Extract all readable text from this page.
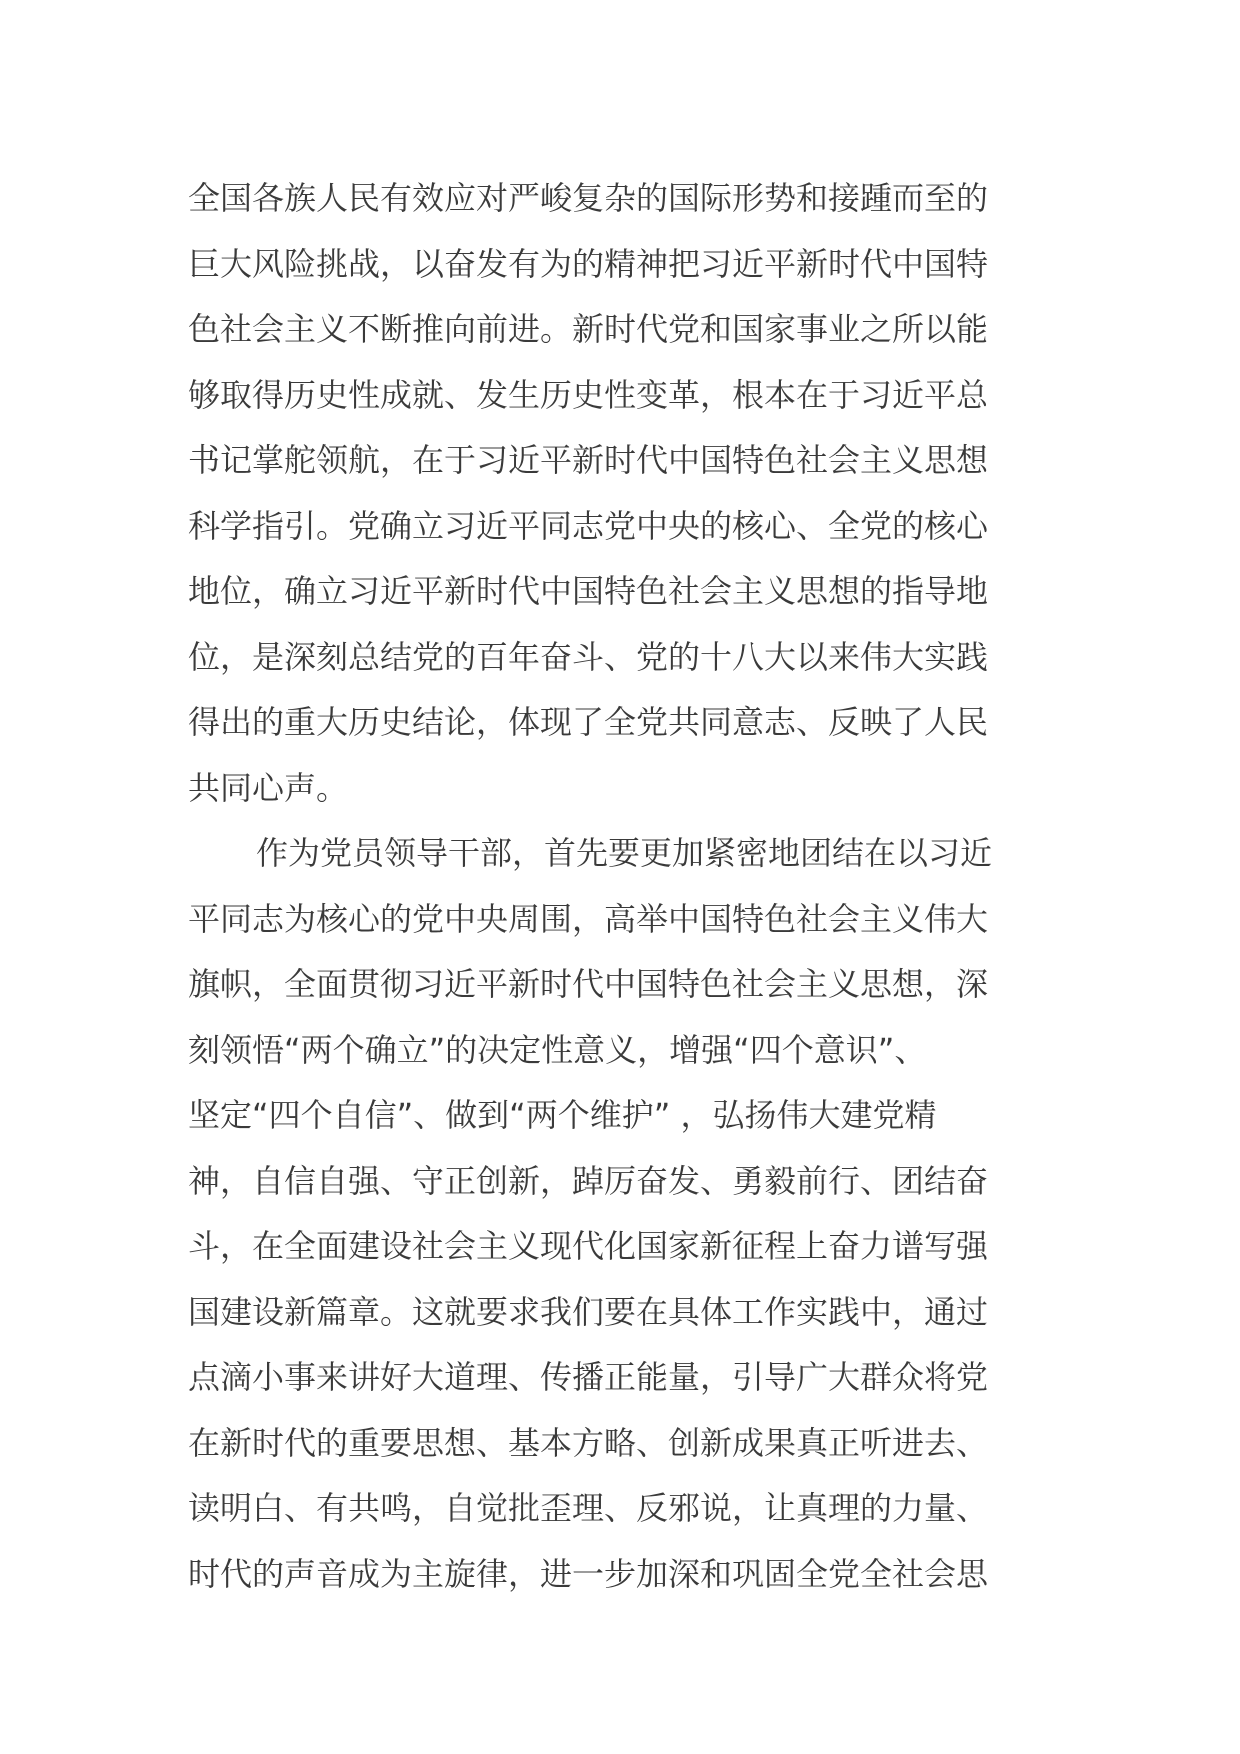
全国各族人民有效应对严峻复杂的国际形势和接踵而至的
巨大风险挑战，以奋发有为的精神把习近平新时代中国特
色社会主义不断推向前进。新时代党和国家事业之所以能
够取得历史性成就、发生历史性变革，根本在于习近平总
书记掌舵领航，在于习近平新时代中国特色社会主义思想
科学指引。党确立习近平同志党中央的核心、全党的核心
地位，确立习近平新时代中国特色社会主义思想的指导地
位，是深刻总结党的百年奋斗、党的十八大以来伟大实践
得出的重大历史结论，体现了全党共同意志、反映了人民
共同心声。
作为党员领导干部，首先要更加紧密地团结在以习近
平同志为核心的党中央周围，高举中国特色社会主义伟大
旗帜，全面贯彻习近平新时代中国特色社会主义思想，深
刻领悟“两个确立”的决定性意义，增强“四个意识”、
坚定“四个自信”、做到“两个维护” ，弘扬伟大建党精
神，自信自强、守正创新，踔厉奋发、勇毅前行、团结奋
斗，在全面建设社会主义现代化国家新征程上奋力谱写强
国建设新篇章。这就要求我们要在具体工作实践中，通过
点滴小事来讲好大道理、传播正能量，引导广大群众将党
在新时代的重要思想、基本方略、创新成果真正听进去、
读明白、有共鸣，自觉批歪理、反邪说，让真理的力量、
时代的声音成为主旋律，进一步加深和巩固全党全社会思
